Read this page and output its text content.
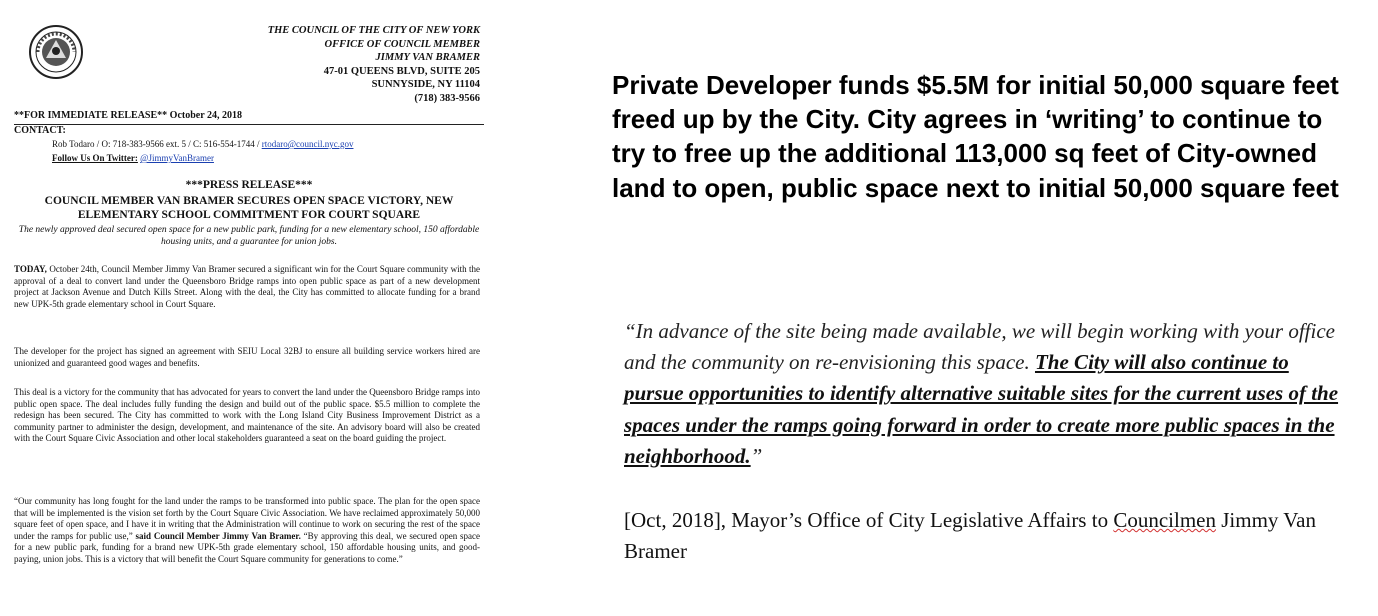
THE COUNCIL OF THE CITY OF NEW YORK
OFFICE OF COUNCIL MEMBER
JIMMY VAN BRAMER
47-01 QUEENS BLVD, SUITE 205
SUNNYSIDE, NY 11104
(718) 383-9566
**FOR IMMEDIATE RELEASE** October 24, 2018
CONTACT:
Rob Todaro / O: 718-383-9566 ext. 5 / C: 516-554-1744 / rtodaro@council.nyc.gov
Follow Us On Twitter: @JimmyVanBramer
***PRESS RELEASE***
COUNCIL MEMBER VAN BRAMER SECURES OPEN SPACE VICTORY, NEW ELEMENTARY SCHOOL COMMITMENT FOR COURT SQUARE
The newly approved deal secured open space for a new public park, funding for a new elementary school, 150 affordable housing units, and a guarantee for union jobs.
TODAY, October 24th, Council Member Jimmy Van Bramer secured a significant win for the Court Square community with the approval of a deal to convert land under the Queensboro Bridge ramps into open public space as part of a new development project at Jackson Avenue and Dutch Kills Street. Along with the deal, the City has committed to allocate funding for a brand new UPK-5th grade elementary school in Court Square.
The developer for the project has signed an agreement with SEIU Local 32BJ to ensure all building service workers hired are unionized and guaranteed good wages and benefits.
This deal is a victory for the community that has advocated for years to convert the land under the Queensboro Bridge ramps into public open space. The deal includes fully funding the design and build out of the public space. $5.5 million to complete the redesign has been secured. The City has committed to work with the Long Island City Business Improvement District as a community partner to administer the design, development, and maintenance of the site. An advisory board will also be created with the Court Square Civic Association and other local stakeholders guaranteed a seat on the board guiding the project.
“Our community has long fought for the land under the ramps to be transformed into public space. The plan for the open space that will be implemented is the vision set forth by the Court Square Civic Association. We have reclaimed approximately 50,000 square feet of open space, and I have it in writing that the Administration will continue to work on securing the rest of the space under the ramps for public use,” said Council Member Jimmy Van Bramer. “By approving this deal, we secured open space for a new public park, funding for a brand new UPK-5th grade elementary school, 150 affordable housing units, and good-paying, union jobs. This is a victory that will benefit the Court Square community for generations to come.”
Private Developer funds $5.5M for initial 50,000 square feet freed up by the City. City agrees in ‘writing’ to continue to try to free up the additional 113,000 sq feet of City-owned land to open, public space next to initial 50,000 square feet
“In advance of the site being made available, we will begin working with your office and the community on re-envisioning this space. The City will also continue to pursue opportunities to identify alternative suitable sites for the current uses of the spaces under the ramps going forward in order to create more public spaces in the neighborhood.”
[Oct, 2018], Mayor’s Office of City Legislative Affairs to Councilmen Jimmy Van Bramer
